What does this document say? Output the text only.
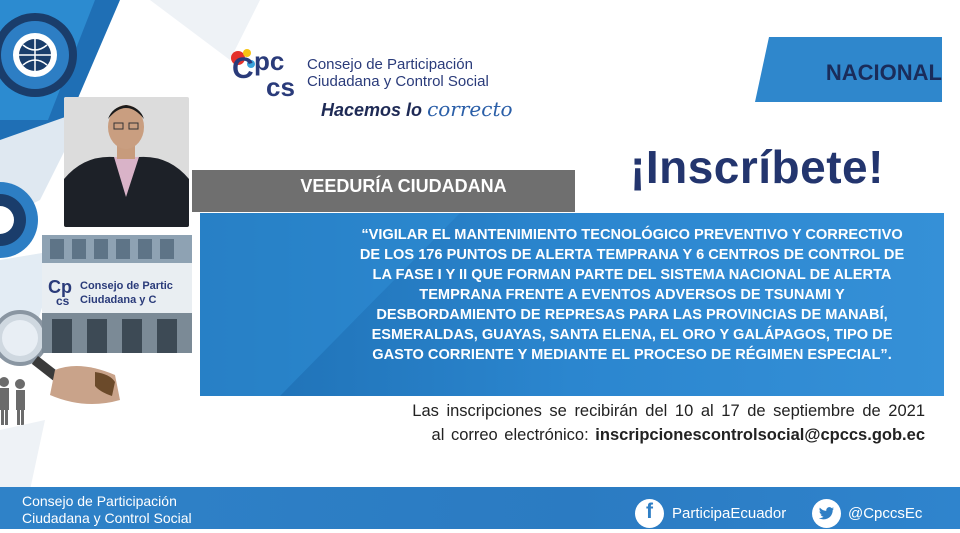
C pc
cs
Consejo de Participación
Ciudadana y Control Social
Hacemos lo correcto
NACIONAL
¡Inscríbete!
VEEDURÍA CIUDADANA
Cp
cs
Consejo de Partic
Ciudadana y C
“VIGILAR EL MANTENIMIENTO TECNOLÓGICO PREVENTIVO Y CORRECTIVO
DE LOS 176 PUNTOS DE ALERTA TEMPRANA Y 6 CENTROS DE CONTROL DE
LA FASE I Y II QUE FORMAN PARTE DEL SISTEMA NACIONAL DE ALERTA
TEMPRANA FRENTE A EVENTOS ADVERSOS DE TSUNAMI Y
DESBORDAMIENTO DE REPRESAS PARA LAS PROVINCIAS DE MANABÍ,
ESMERALDAS, GUAYAS, SANTA ELENA, EL ORO Y GALÁPAGOS, TIPO DE
GASTO CORRIENTE Y MEDIANTE EL PROCESO DE RÉGIMEN ESPECIAL”.
Las inscripciones se recibirán del 10 al 17 de septiembre de 2021
al correo electrónico: inscripcionescontrolsocial@cpccs.gob.ec
Consejo de Participación
Ciudadana y Control Social	f	ParticipaEcuador	@CpccsEc
